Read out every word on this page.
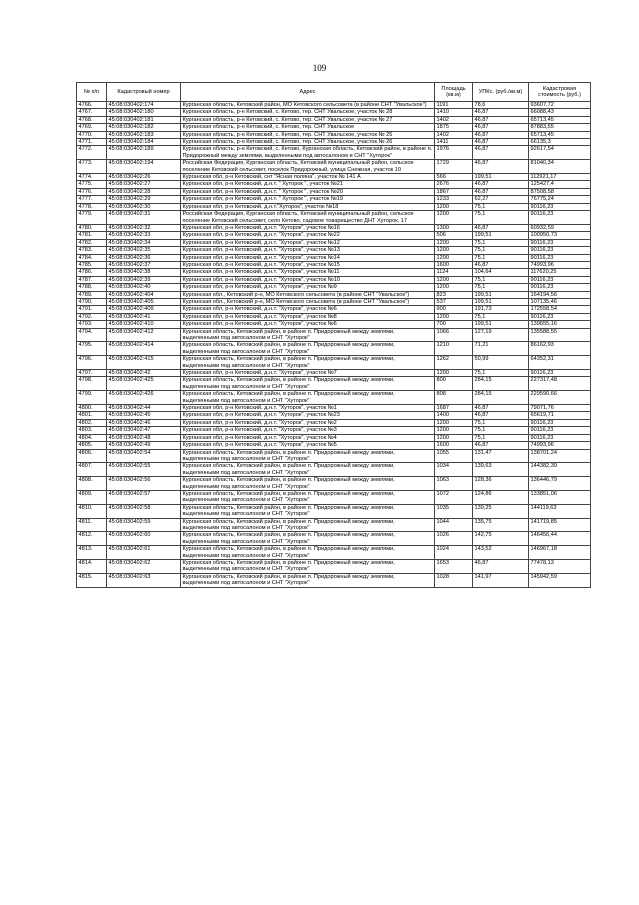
109
№ п/п	Кадастровый номер	Адрес	Площадь (кв.м)	УПКс. (руб./кв.м)	Кадастровая стоимость (руб.)
4766.	45:08:030402:174	Курганская область, Кетовский район, МО Кетовского сельсовета (в районе СНТ "Увальское")	1191	78,6	93607,72
4767.	45:08:030402:180	Курганская область, р-н Кетовский, с. Кетово, тер. СНТ Увальское, участок № 28	1410	46,87	66088,43
4768.	45:08:030402:181	Курганская область, р-н Кетовский, с. Кетово, тер. СНТ Увальское, участок № 27	1402	46,87	65713,45
4769.	45:08:030402:182	Курганская область, р-н Кетовский, с. Кетово, тер. СНТ Увальское	1875	46,87	87883,55
4770.	45:08:030402:183	Курганская область, р-н Кетовский, с. Кетово, тер. СНТ Увальское, участок № 25	1402	46,87	65713,45
4771.	45:08:030402:184	Курганская область, р-н Кетовский, с. Кетово, тер. СНТ Увальское, участок № 26	1411	46,87	66135,3
4772.	45:08:030402:189	Курганская область, р-н Кетовский, с. Кетово, Курганская область, Кетовский район, в районе п. Придорожный между землями, выделенными под автосалоном и СНТ "Хуторок"	1976	46,87	92617,54
4773.	45:08:030402:194	Российская Федерация, Курганская область, Кетовский муниципальный район, сельское поселение Кетовский сельсовет, поселок Придорожный, улица Снежная, участок 10	1729	46,87	81040,34
4774.	45:08:030402:26	Курганская обл, р-н Кетовский, снт "Ясная поляна", участок № 141 А	566	199,51	112921,17
4775.	45:08:030402:27	Курганская обл, р-н Кетовский, д.н.т. " Хуторок ", участок №21	2676	46,87	125427,4
4776.	45:08:030402:28	Курганская обл, р-н Кетовский, д.н.т. " Хуторок ", участок №20	1867	46,87	87508,58
4777.	45:08:030402:29	Курганская обл, р-н Кетовский, д.н.т. " Хуторок ", участок №19	1233	62,27	76775,24
4778.	45:08:030402:30	Курганская обл, р-н Кетовский, д.н.т."Хуторок", участок №18	1200	75,1	90116,23
4779.	45:08:030402:31	Российская Федерация, Курганская область, Кетовский муниципальный район, сельское поселение Кетовский сельсовет, село Кетово, садовое товарищество ДНТ Хуторок, 17	1200	75,1	90116,23
4780.	45:08:030402:32	Курганская обл, р-н Кетовский, д.н.т. "Хуторок", участок №16	1300	46,87	60932,59
4781.	45:08:030402:33	Курганская обл, р-н Кетовский, д.н.т. "Хуторок", участок №22	506	199,51	100950,73
4782.	45:08:030402:34	Курганская обл, р-н Кетовский, д.н.т. "Хуторок", участок №12	1200	75,1	90116,23
4783.	45:08:030402:35	Курганская обл, р-н Кетовский, д.н.т. "Хуторок", участок №13	1200	75,1	90116,23
4784.	45:08:030402:36	Курганская обл, р-н Кетовский, д.н.т. "Хуторок", участок №14	1200	75,1	90116,23
4785.	45:08:030402:37	Курганская обл, р-н Кетовский, д.н.т. "Хуторок", участок №15	1600	46,87	74993,96
4786.	45:08:030402:38	Курганская обл, р-н Кетовский, д.н.т. "Хуторок", участок №11	1124	104,64	117620,25
4787.	45:08:030402:39	Курганская обл, р-н Кетовский, д.н.т. "Хуторок", участок №10	1200	75,1	90116,23
4788.	45:08:030402:40	Курганская обл, р-н Кетовский, д.н.т. "Хуторок", участок №9	1200	75,1	90116,23
4789.	45:08:030402:404	Курганская обл., Кетовский р-н, МО Кетовского сельсовета (в районе СНТ "Увальское")	823	199,51	164194,56
4790.	45:08:030402:405	Курганская обл., Кетовский р-н, МО Кетовского сельсовета (в районе СНТ "Увальское")	537	199,51	107135,46
4791.	45:08:030402:409	Курганская обл, р-н Кетовский, д.н.т. "Хуторок", участок №6	900	191,73	172558,54
4792.	45:08:030402:41	Курганская обл, р-н Кетовский, д.н.т. "Хуторок", участок №8	1200	75,1	90116,23
4793.	45:08:030402:410	Курганская обл, р-н Кетовский, д.н.т. "Хуторок", участок №6	700	199,51	139655,16
4794.	45:08:030402:412	Курганская область, Кетовский район, в районе п. Придорожный между землями, выделенными под автосалоном и СНТ "Хуторок"	1066	127,19	135588,55
4795.	45:08:030402:414	Курганская область, Кетовский район, в районе п. Придорожный между землями, выделенными под автосалоном и СНТ "Хуторок"	1210	71,21	86162,93
4796.	45:08:030402:415	Курганская область, Кетовский район, в районе п. Придорожный между землями, выделенными под автосалоном и СНТ "Хуторок"	1262	50,99	64352,31
4797.	45:08:030402:42	Курганская обл, р-н Кетовский, д.н.т. "Хуторок", участок №7	1200	75,1	90116,23
4798.	45:08:030402:425	Курганская область, Кетовский район, в районе п. Придорожный между землями, выделенными под автосалоном и СНТ "Хуторок"	800	284,15	227317,48
4799.	45:08:030402:426	Курганская область, Кетовский район, в районе п. Придорожный между землями, выделенными под автосалоном и СНТ "Хуторок"	808	284,15	229590,66
4800.	45:08:030402:44	Курганская обл, р-н Кетовский, д.н.т. "Хуторок", участок №1	1687	46,87	79071,76
4801.	45:08:030402:45	Курганская обл, р-н Кетовский, д.н.т. "Хуторок", участок №23	1400	46,87	65619,71
4802.	45:08:030402:46	Курганская обл, р-н Кетовский, д.н.т. "Хуторок", участок №2	1200	75,1	90116,23
4803.	45:08:030402:47	Курганская обл, р-н Кетовский, д.н.т. "Хуторок", участок №3	1200	75,1	90116,23
4804.	45:08:030402:48	Курганская обл, р-н Кетовский, д.н.т. "Хуторок", участок №4	1200	75,1	90116,23
4805.	45:08:030402:49	Курганская обл, р-н Кетовский, д.н.т. "Хуторок", участок №5	1600	46,87	74993,96
4806.	45:08:030402:54	Курганская область, Кетовский район, в районе п. Придорожный между землями, выделенными под автосалоном и СНТ "Хуторок"	1055	131,47	138701,24
4807.	45:08:030402:55	Курганская область, Кетовский район, в районе п. Придорожный между землями, выделенными под автосалоном и СНТ "Хуторок"	1034	139,63	144382,39
4808.	45:08:030402:56	Курганская область, Кетовский район, в районе п. Придорожный между землями, выделенными под автосалоном и СНТ "Хуторок"	1063	128,36	136446,79
4809.	45:08:030402:57	Курганская область, Кетовский район, в районе п. Придорожный между землями, выделенными под автосалоном и СНТ "Хуторок"	1072	124,86	133851,06
4810.	45:08:030402:58	Курганская область, Кетовский район, в районе п. Придорожный между землями, выделенными под автосалоном и СНТ "Хуторок"	1035	139,25	144119,63
4811.	45:08:030402:59	Курганская область, Кетовский район, в районе п. Придорожный между землями, выделенными под автосалоном и СНТ "Хуторок"	1044	135,75	141719,85
4812.	45:08:030402:60	Курганская область, Кетовский район, в районе п. Придорожный между землями, выделенными под автосалоном и СНТ "Хуторок"	1026	142,75	146456,44
4813.	45:08:030402:61	Курганская область, Кетовский район, в районе п. Придорожный между землями, выделенными под автосалоном и СНТ "Хуторок"	1024	143,52	146967,18
4814.	45:08:030402:62	Курганская область, Кетовский район, в районе п. Придорожный между землями, выделенными под автосалоном и СНТ "Хуторок"	1653	46,87	77478,13
4815.	45:08:030402:63	Курганская область, Кетовский район, в районе п. Придорожный между землями, выделенными под автосалоном и СНТ "Хуторок"	1028	141,97	145942,59
